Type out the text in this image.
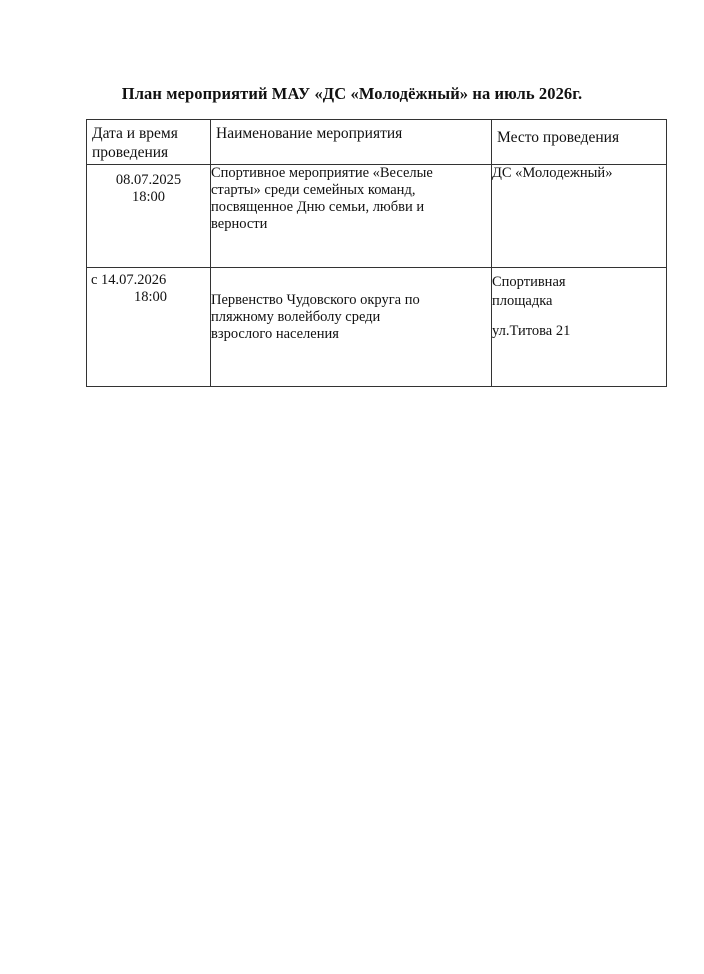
План мероприятий МАУ «ДС «Молодёжный» на июль 2026г.
Дата и время
проведения	Наименование мероприятия	Место проведения

08.07.2025
18:00	Спортивное мероприятие «Веселые
старты» среди семейных команд,
посвященное Дню семьи, любви и
верности	ДС «Молодежный»

с 14.07.2026
18:00	Первенство Чудовского округа по
пляжному волейболу среди
взрослого населения	Спортивная
площадка
ул.Титова 21
